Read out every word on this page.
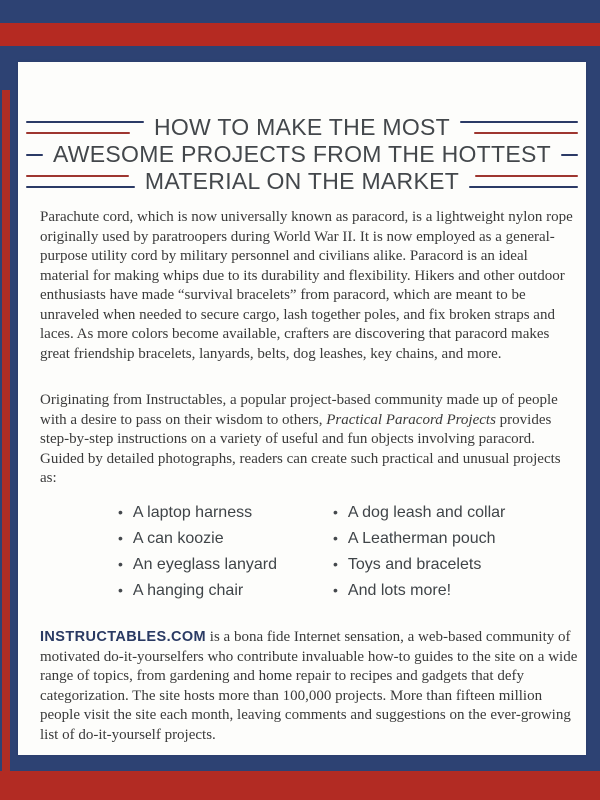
HOW TO MAKE THE MOST
AWESOME PROJECTS FROM THE HOTTEST
MATERIAL ON THE MARKET
Parachute cord, which is now universally known as paracord, is a lightweight nylon rope originally used by paratroopers during World War II. It is now employed as a general-purpose utility cord by military personnel and civilians alike. Paracord is an ideal material for making whips due to its durability and flexibility. Hikers and other outdoor enthusiasts have made “survival bracelets” from paracord, which are meant to be unraveled when needed to secure cargo, lash together poles, and fix broken straps and laces. As more colors become available, crafters are discovering that paracord makes great friendship bracelets, lanyards, belts, dog leashes, key chains, and more.
Originating from Instructables, a popular project-based community made up of people with a desire to pass on their wisdom to others, Practical Paracord Projects provides step-by-step instructions on a variety of useful and fun objects involving paracord. Guided by detailed photographs, readers can create such practical and unusual projects as:
• A laptop harness
• A can koozie
• An eyeglass lanyard
• A hanging chair
• A dog leash and collar
• A Leatherman pouch
• Toys and bracelets
• And lots more!
INSTRUCTABLES.COM is a bona fide Internet sensation, a web-based community of motivated do-it-yourselfers who contribute invaluable how-to guides to the site on a wide range of topics, from gardening and home repair to recipes and gadgets that defy categorization. The site hosts more than 100,000 projects. More than fifteen million people visit the site each month, leaving comments and suggestions on the ever-growing list of do-it-yourself projects.
